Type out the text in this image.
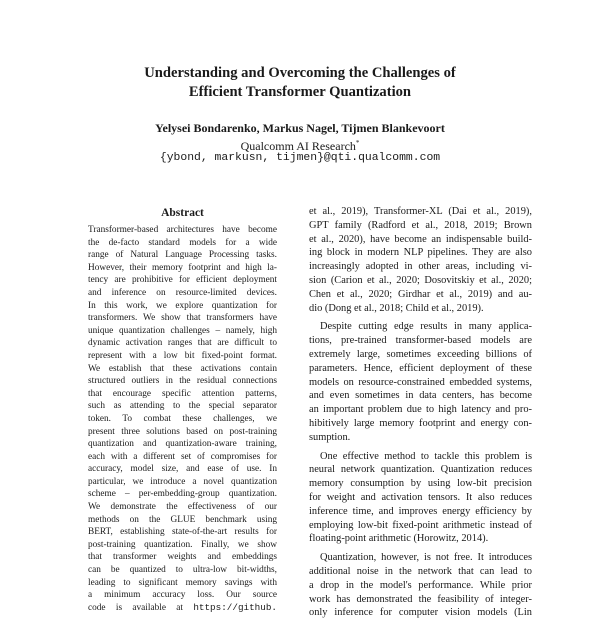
Understanding and Overcoming the Challenges of
Efficient Transformer Quantization
Yelysei Bondarenko, Markus Nagel, Tijmen Blankevoort
Qualcomm AI Research*
{ybond, markusn, tijmen}@qti.qualcomm.com
Abstract
Transformer-based architectures have become
the de-facto standard models for a wide
range of Natural Language Processing tasks.
However, their memory footprint and high la-
tency are prohibitive for efficient deployment
and inference on resource-limited devices.
In this work, we explore quantization for
transformers. We show that transformers have
unique quantization challenges – namely, high
dynamic activation ranges that are difficult to
represent with a low bit fixed-point format.
We establish that these activations contain
structured outliers in the residual connections
that encourage specific attention patterns,
such as attending to the special separator
token. To combat these challenges, we
present three solutions based on post-training
quantization and quantization-aware training,
each with a different set of compromises for
accuracy, model size, and ease of use. In
particular, we introduce a novel quantization
scheme – per-embedding-group quantization.
We demonstrate the effectiveness of our
methods on the GLUE benchmark using
BERT, establishing state-of-the-art results for
post-training quantization. Finally, we show
that transformer weights and embeddings
can be quantized to ultra-low bit-widths,
leading to significant memory savings with
a minimum accuracy loss. Our source
code is available at https://github.
et al., 2019), Transformer-XL (Dai et al., 2019),
GPT family (Radford et al., 2018, 2019; Brown
et al., 2020), have become an indispensable build-
ing block in modern NLP pipelines. They are also
increasingly adopted in other areas, including vi-
sion (Carion et al., 2020; Dosovitskiy et al., 2020;
Chen et al., 2020; Girdhar et al., 2019) and au-
dio (Dong et al., 2018; Child et al., 2019).
Despite cutting edge results in many applica-
tions, pre-trained transformer-based models are
extremely large, sometimes exceeding billions of
parameters. Hence, efficient deployment of these
models on resource-constrained embedded systems,
and even sometimes in data centers, has become
an important problem due to high latency and pro-
hibitively large memory footprint and energy con-
sumption.
One effective method to tackle this problem is
neural network quantization. Quantization reduces
memory consumption by using low-bit precision
for weight and activation tensors. It also reduces
inference time, and improves energy efficiency by
employing low-bit fixed-point arithmetic instead of
floating-point arithmetic (Horowitz, 2014).
Quantization, however, is not free. It introduces
additional noise in the network that can lead to
a drop in the model's performance. While prior
work has demonstrated the feasibility of integer-
only inference for computer vision models (Lin
